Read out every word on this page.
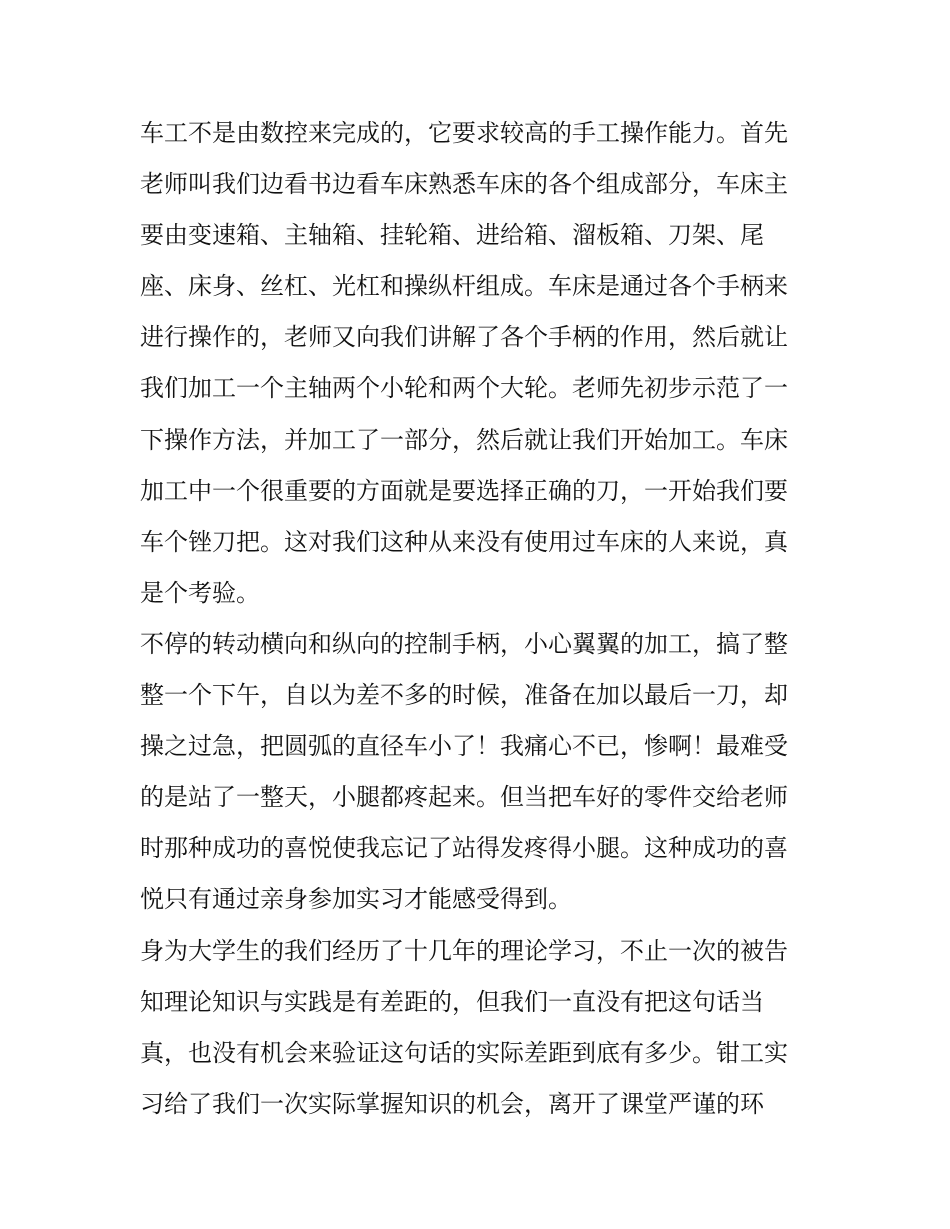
车工不是由数控来完成的，它要求较高的手工操作能力。首先
老师叫我们边看书边看车床熟悉车床的各个组成部分，车床主
要由变速箱、主轴箱、挂轮箱、进给箱、溜板箱、刀架、尾
座、床身、丝杠、光杠和操纵杆组成。车床是通过各个手柄来
进行操作的，老师又向我们讲解了各个手柄的作用，然后就让
我们加工一个主轴两个小轮和两个大轮。老师先初步示范了一
下操作方法，并加工了一部分，然后就让我们开始加工。车床
加工中一个很重要的方面就是要选择正确的刀，一开始我们要
车个锉刀把。这对我们这种从来没有使用过车床的人来说，真
是个考验。
不停的转动横向和纵向的控制手柄，小心翼翼的加工，搞了整
整一个下午，自以为差不多的时候，准备在加以最后一刀，却
操之过急，把圆弧的直径车小了！我痛心不已，惨啊！最难受
的是站了一整天，小腿都疼起来。但当把车好的零件交给老师
时那种成功的喜悦使我忘记了站得发疼得小腿。这种成功的喜
悦只有通过亲身参加实习才能感受得到。
身为大学生的我们经历了十几年的理论学习，不止一次的被告
知理论知识与实践是有差距的，但我们一直没有把这句话当
真，也没有机会来验证这句话的实际差距到底有多少。钳工实
习给了我们一次实际掌握知识的机会，离开了课堂严谨的环
